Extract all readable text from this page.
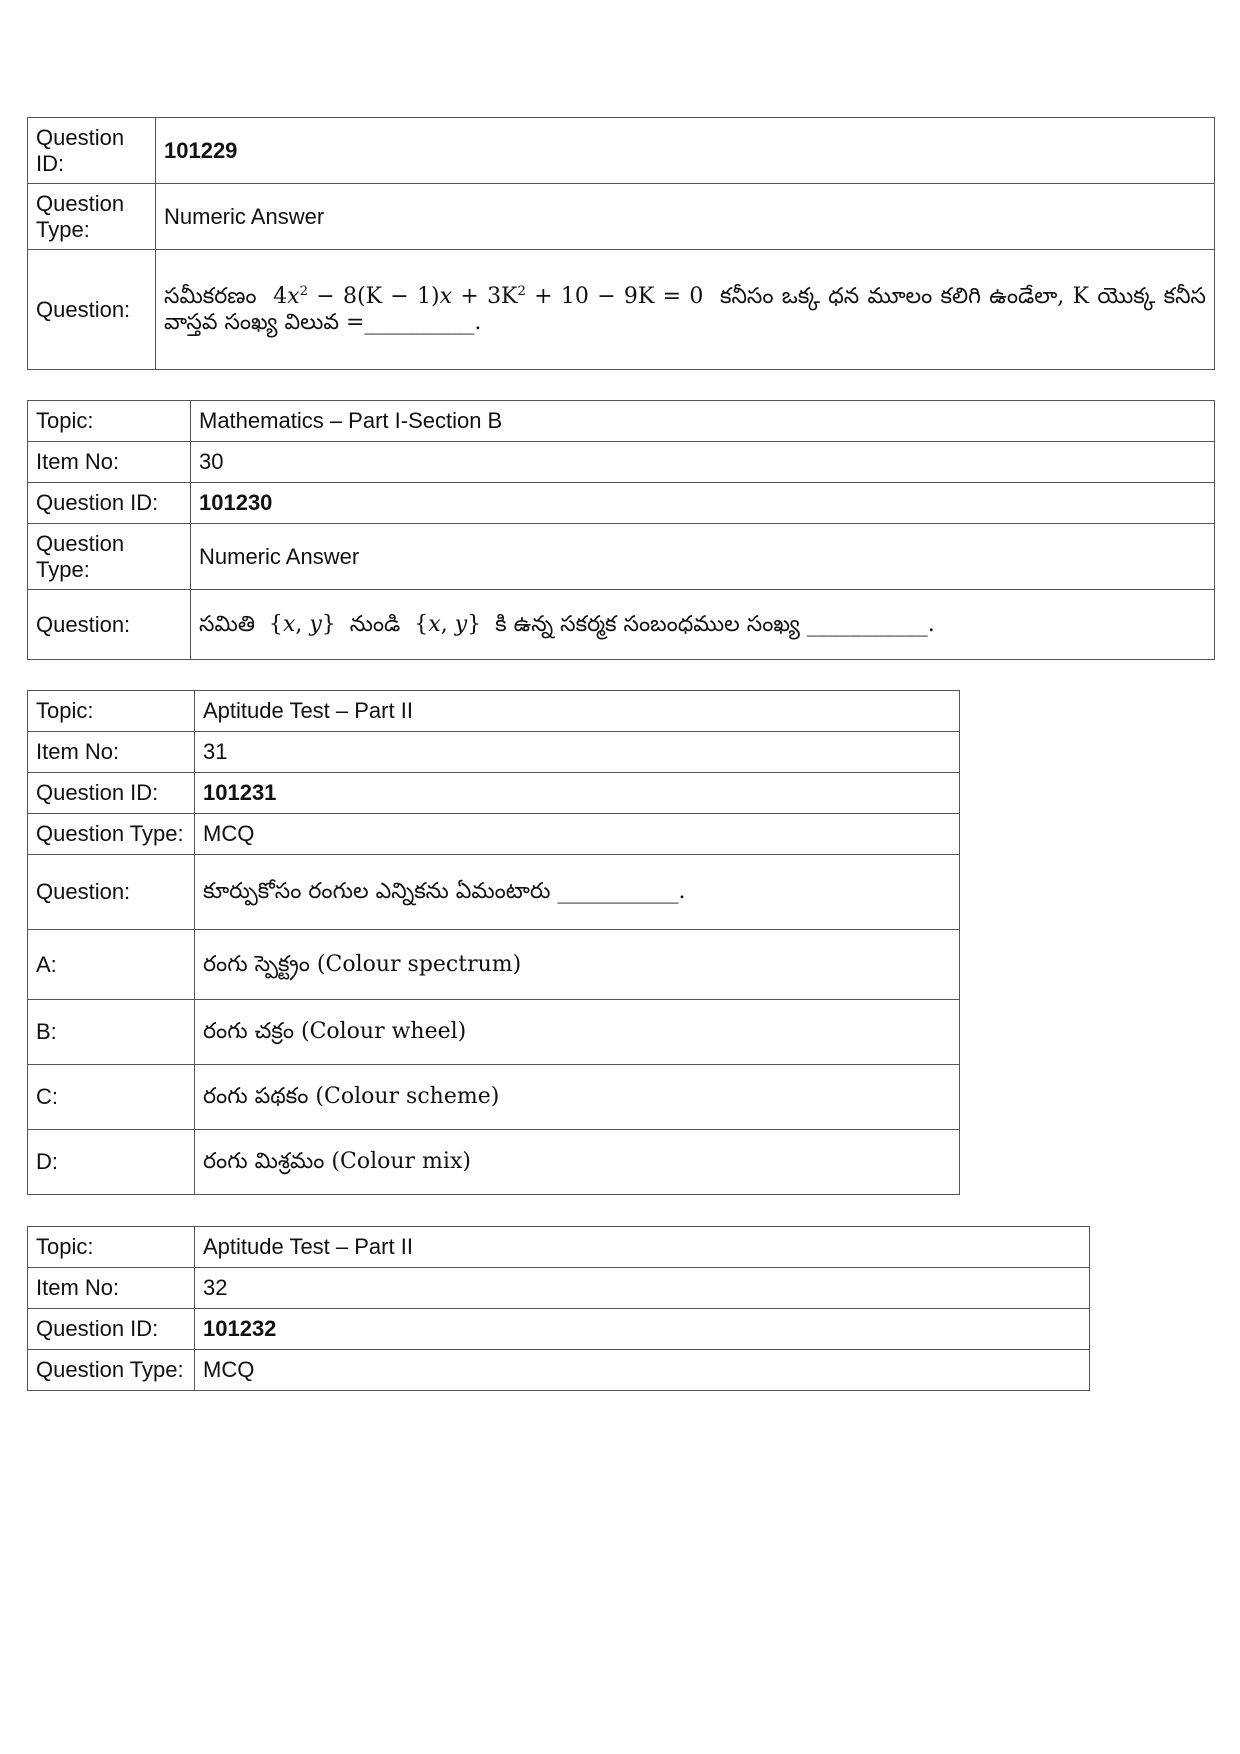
Question ID:	101229
Question Type:	Numeric Answer
Question:	సమీకరణం  $4x^2 - 8(K - 1)x + 3K^2 + 10 - 9K = 0$  కనీసం ఒక్క ధన మూలం కలిగి ఉండేలా, K యొక్క కనీస వాస్తవ సంఖ్య విలువ =__________.
Topic:	Mathematics – Part I-Section B
Item No:	30
Question ID:	101230
Question Type:	Numeric Answer
Question:	సమితి  {x, y}  నుండి  {x, y}  కి ఉన్న సకర్మక సంబంధముల సంఖ్య ___________.
Topic:	Aptitude Test – Part II
Item No:	31
Question ID:	101231
Question Type:	MCQ
Question:	కూర్పుకోసం రంగుల ఎన్నికను ఏమంటారు ___________.
A:	రంగు స్పెక్ట్రం (Colour spectrum)
B:	రంగు చక్రం (Colour wheel)
C:	రంగు పథకం (Colour scheme)
D:	రంగు మిశ్రమం (Colour mix)
Topic:	Aptitude Test – Part II
Item No:	32
Question ID:	101232
Question Type:	MCQ
